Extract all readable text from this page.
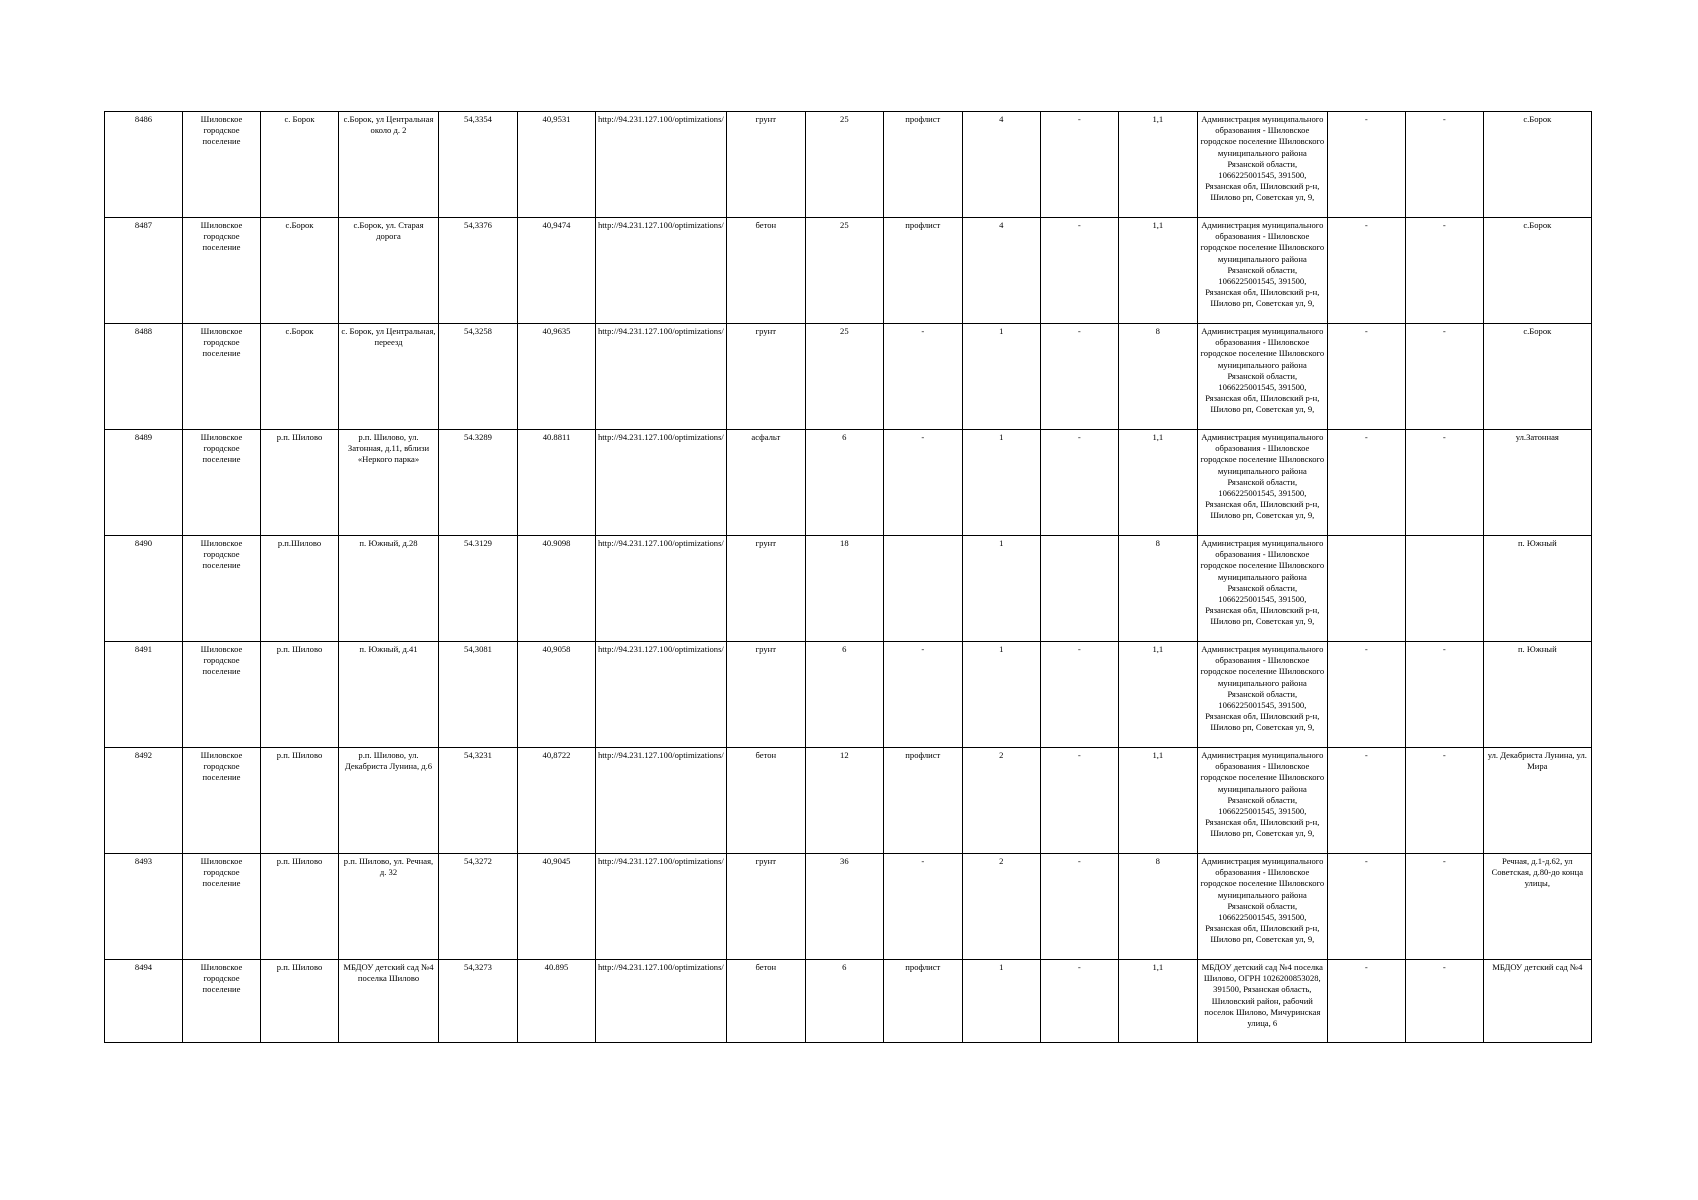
8486	Шиловское городское поселение	с. Борок	с.Борок, ул Центральная около д. 2	54,3354	40,9531	http://94.231.127.100/optimizations/	грунт	25	профлист	4	-	1,1	Администрация муниципального образования - Шиловское городское поселение Шиловского муниципального района Рязанской области, 1066225001545, 391500, Рязанская обл, Шиловский р-н, Шилово рп, Советская ул, 9,	-	-	с.Борок
8487	Шиловское городское поселение	с.Борок	с.Борок, ул. Старая дорога	54,3376	40,9474	http://94.231.127.100/optimizations/	бетон	25	профлист	4	-	1,1	Администрация муниципального образования - Шиловское городское поселение Шиловского муниципального района Рязанской области, 1066225001545, 391500, Рязанская обл, Шиловский р-н, Шилово рп, Советская ул, 9,	-	-	с.Борок
8488	Шиловское городское поселение	с.Борок	с. Борок, ул Центральная, переезд	54,3258	40,9635	http://94.231.127.100/optimizations/	грунт	25	-	1	-	8	Администрация муниципального образования - Шиловское городское поселение Шиловского муниципального района Рязанской области, 1066225001545, 391500, Рязанская обл, Шиловский р-н, Шилово рп, Советская ул, 9,	-	-	с.Борок
8489	Шиловское городское поселение	р.п. Шилово	р.п. Шилово, ул. Затонная, д.11, вблизи «Неркого парка»	54.3289	40.8811	http://94.231.127.100/optimizations/	асфальт	6	-	1	-	1,1	Администрация муниципального образования - Шиловское городское поселение Шиловского муниципального района Рязанской области, 1066225001545, 391500, Рязанская обл, Шиловский р-н, Шилово рп, Советская ул, 9,	-	-	ул.Затонная
8490	Шиловское городское поселение	р.п.Шилово	п. Южный, д.28	54.3129	40.9098	http://94.231.127.100/optimizations/	грунт	18		1		8	Администрация муниципального образования - Шиловское городское поселение Шиловского муниципального района Рязанской области, 1066225001545, 391500, Рязанская обл, Шиловский р-н, Шилово рп, Советская ул, 9,			п. Южный
8491	Шиловское городское поселение	р.п. Шилово	п. Южный, д.41	54,3081	40,9058	http://94.231.127.100/optimizations/	грунт	6	-	1	-	1,1	Администрация муниципального образования - Шиловское городское поселение Шиловского муниципального района Рязанской области, 1066225001545, 391500, Рязанская обл, Шиловский р-н, Шилово рп, Советская ул, 9,	-	-	п. Южный
8492	Шиловское городское поселение	р.п. Шилово	р.п. Шилово, ул. Декабриста Лунина, д.6	54,3231	40,8722	http://94.231.127.100/optimizations/	бетон	12	профлист	2	-	1,1	Администрация муниципального образования - Шиловское городское поселение Шиловского муниципального района Рязанской области, 1066225001545, 391500, Рязанская обл, Шиловский р-н, Шилово рп, Советская ул, 9,	-	-	ул. Декабриста Лунина, ул. Мира
8493	Шиловское городское поселение	р.п. Шилово	р.п. Шилово, ул. Речная, д. 32	54,3272	40,9045	http://94.231.127.100/optimizations/	грунт	36	-	2	-	8	Администрация муниципального образования - Шиловское городское поселение Шиловского муниципального района Рязанской области, 1066225001545, 391500, Рязанская обл, Шиловский р-н, Шилово рп, Советская ул, 9,	-	-	Речная, д.1-д.62, ул Советская, д.80-до конца улицы,
8494	Шиловское городское поселение	р.п. Шилово	МБДОУ детский сад №4 поселка Шилово	54,3273	40.895	http://94.231.127.100/optimizations/	бетон	6	профлист	1	-	1,1	МБДОУ детский сад №4 поселка Шилово, ОГРН 1026200853028, 391500, Рязанская область, Шиловский район, рабочий поселок Шилово, Мичуринская улица, 6	-	-	МБДОУ детский сад №4
